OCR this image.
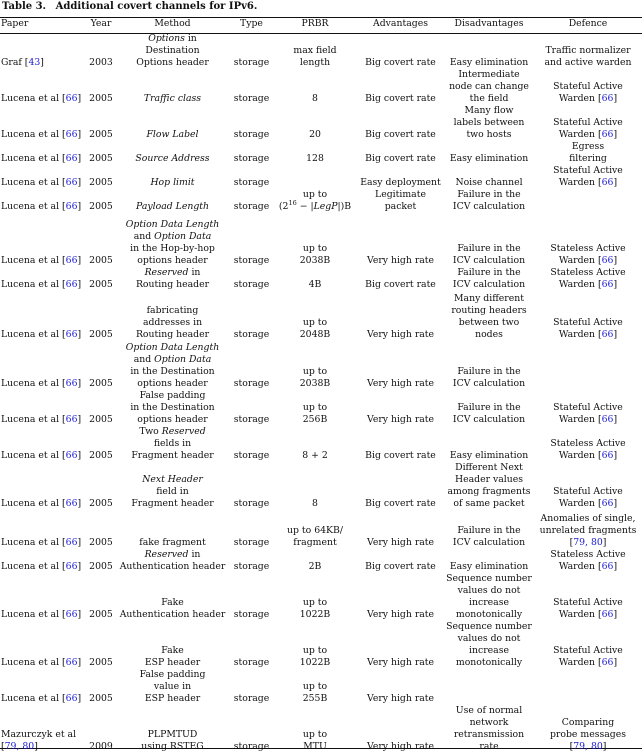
Table 3. Additional covert channels for IPv6.
Paper	Year	Method	Type	PRBR	Advantages	Disadvantages	Defence

Graf [43]	2003	Options in
Destination
Options header	storage	max field
length	Big covert rate	Easy elimination	Traffic normalizer
and active warden

Lucena et al [66]	2005	Traffic class	storage	8	Big covert rate	Intermediate
node can change
the field	Stateful Active
Warden [66]

Lucena et al [66]	2005	Flow Label	storage	20	Big covert rate	Many flow
labels between
two hosts	Stateful Active
Warden [66]

Lucena et al [66]	2005	Source Address	storage	128	Big covert rate	Easy elimination	Egress
filtering

Lucena et al [66]	2005	Hop limit	storage		Easy deployment	Noise channel	Stateful Active
Warden [66]

Lucena et al [66]	2005	Payload Length	storage	up to
($2^{16}$ − |LegP|)B	Legitimate
packet	Failure in the
ICV calculation	

Lucena et al [66]	2005	Option Data Length
and Option Data
in the Hop-by-hop
options header	storage	up to
2038B	Very high rate	Failure in the
ICV calculation	Stateless Active
Warden [66]

Lucena et al [66]	2005	Reserved in
Routing header	storage	4B	Big covert rate	Failure in the
ICV calculation	Stateless Active
Warden [66]

Lucena et al [66]	2005	fabricating
addresses in
Routing header	storage	up to
2048B	Very high rate	Many different
routing headers
between two
nodes	Stateful Active
Warden [66]

Lucena et al [66]	2005	Option Data Length
and Option Data
in the Destination
options header	storage	up to
2038B	Very high rate	Failure in the
ICV calculation	

Lucena et al [66]	2005	False padding
in the Destination
options header	storage	up to
256B	Very high rate	Failure in the
ICV calculation	Stateful Active
Warden [66]

Lucena et al [66]	2005	Two Reserved
fields in
Fragment header	storage	8 + 2	Big covert rate	Easy elimination	Stateless Active
Warden [66]

Lucena et al [66]	2005	Next Header
field in
Fragment header	storage	8	Big covert rate	Different Next
Header values
among fragments
of same packet	Stateful Active
Warden [66]

Lucena et al [66]	2005	fake fragment	storage	up to 64KB/
fragment	Very high rate	Failure in the
ICV calculation	Anomalies of single,
unrelated fragments
[79, 80]

Lucena et al [66]	2005	Reserved in
Authentication header	storage	2B	Big covert rate	Easy elimination	Stateless Active
Warden [66]

Lucena et al [66]	2005	Fake
Authentication header	storage	up to
1022B	Very high rate	Sequence number
values do not
increase
monotonically	Stateful Active
Warden [66]

Lucena et al [66]	2005	Fake
ESP header	storage	up to
1022B	Very high rate	Sequence number
values do not
increase
monotonically	Stateful Active
Warden [66]

Lucena et al [66]	2005	False padding
value in
ESP header	storage	up to
255B	Very high rate		

Mazurczyk et al
[79, 80]	2009	PLPMTUD
using RSTEG	storage	up to
MTU	Very high rate	Use of normal
network
retransmission
rate	Comparing
probe messages
[79, 80]
